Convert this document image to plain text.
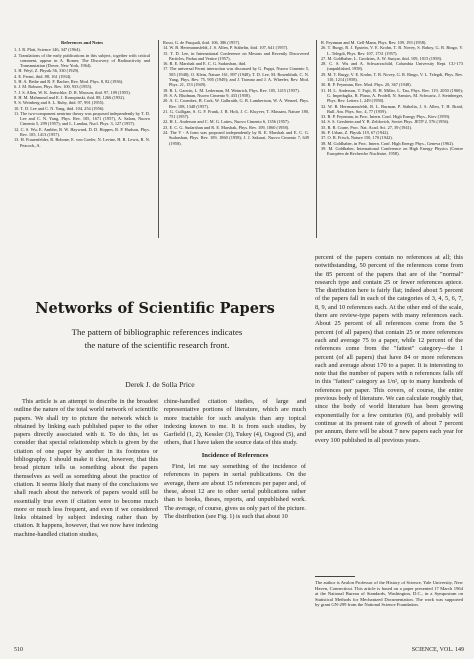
References and Notes

1. J. R. Platt, Science 146, 347 (1964).

2. Translations of the early publications in this subject, together with critical comment, appear in A. Romer, The Discovery of Radioactivity and Transmutation (Dover, New York, 1964).

3. H. Weyl, Z. Physik 56, 330 (1929).

4. E. Fermi, ibid. 88, 161 (1934).

5. H. A. Bethe and R. F. Bacher, Rev. Mod. Phys. 8, 82 (1936).

6. J. M. Robson, Phys. Rev. 100, 933 (1955).

7. J. S. Allen, W. K. Jentschke, D. R. Maxson, ibid. 97, 109 (1955).

8. H. M. Mahmoud and E. J. Konopinski, ibid. 88, 1266 (1952).

9. S. Weinberg and S. L. Ruby, ibid. 97, 991 (1955).

10. T. D. Lee and C. N. Yang, ibid. 104, 254 (1956).

11. The two-component neutrino theory was proposed independently by T. D. Lee and C. N. Yang, Phys. Rev. 105, 1671 (1957), A. Salam, Nuovo Cimento 5, 299 (1957); and L. Landau, Nucl. Phys. 3, 127 (1957).

12. C. S. Wu, E. Ambler, R. W. Hayward, D. D. Hoppes, R. P. Hudson, Phys. Rev. 105, 1413 (1957).

13. H. Frauenfelder, R. Bobone, E. von Goeler, N. Levine, H. R. Lewis, R. N. Peacock, A.

Rossi, G. de Pasquali, ibid. 106, 386 (1957).

14. W. B. Herrmannsfeldt, J. S. Allen, P. Stähelin, ibid. 107, 641 (1957).

15. T. D. Lee, in International Conference on Mesons and Recently Discovered Particles, Padua and Venice (1957).

16. R. E. Marshak and E. C. G. Sudarshan, ibid.

17. The universal Fermi interaction was discussed by G. Puppi, Nuovo Cimento 5, 505 (1948); O. Klein, Nature 161, 897 (1948); T. D. Lee, M. Rosenbluth, C. N. Yang, Phys. Rev. 75, 905 (1949); and J. Tiomno and J. A. Wheeler, Rev. Mod. Phys. 21, 153 (1949).

18. R. L. Garwin, L. M. Lederman, M. Weinrich, Phys. Rev. 105, 1415 (1957).

19. S. A. Bludman, Nuovo Cimento 9, 433 (1958).

20. A. C. Coombes, B. Cork, W. Galbraith, G. R. Lambertson, W. A. Wenzel, Phys. Rev. 108, 1348 (1957).

21. G. Culligan, S. G. F. Frank, J. R. Holt, J. C. Kluyver, T. Massam, Nature 180, 751 (1957).

22. H. L. Anderson and C. M. G. Lattes, Nuovo Cimento 6, 1356 (1957).

23. E. C. G. Sudarshan and R. E. Marshak, Phys. Rev. 109, 1860 (1958).

24. The V - A form was proposed independently by R. E. Marshak and E. C. G. Sudarshan, Phys. Rev. 109, 1860 (1958); J. J. Sakurai, Nuovo Cimento 7, 649 (1958).

R. Feynman and M. Gell-Mann, Phys. Rev. 109, 193 (1958).

26. T. Burgy, R. J. Epstein, V. E. Krohn, T. B. Novey, S. Raboy, G. R. Ringo, V. L. Telegdi, Phys. Rev. 107, 1731 (1957).

27. M. Goldhaber, L. Grodzins, A. W. Sunyar, ibid. 109, 1015 (1958).

28. C. S. Wu and A. Schwarzschild, Columbia University Rept. CU-173 (unpublished, 1958).

29. M. T. Burgy, V. E. Krohn, T. B. Novey, G. R. Ringo, V. L. Telegdi, Phys. Rev. 110, 1214 (1958).

30. R. P. Feynman, Rev. Mod. Phys. 20, 367 (1948).

31. H. L. Anderson, T. Fujii, R. H. Miller, L. Tau, Phys. Rev. 119, 2050 (1960); G. Impeduglia, R. Plano, A. Prodell, N. Samios, M. Schwartz, J. Steinberger, Phys. Rev. Letters 1, 249 (1958).

32. W. B. Herrmannsfeldt, R. L. Burman, P. Stähelin, J. S. Allen, T. H. Braid, Bull. Am. Phys. Soc. 4, 77 (1959).

33. R. P. Feynman, in Proc. Intern. Conf. High Energy Phys., Kiev (1959).

34. S. S. Gershtein and Y. B. Zeldovich, Soviet Phys. JETP 2, 576 (1956).

35. R. R. Crane, Proc. Nat. Acad. Sci. 27, 39 (1941).

36. P. Urban, Z. Physik 119, 67 (1942).

37. O. R. Frisch, Nature 150, 170 (1942).

38. M. Goldhaber, in Proc. Intern. Conf. High Energy Phys., Geneva (1962).

39. M. Goldhaber, International Conference on High Energy Physics (Centre Européen de Recherche Nucléaire, 1958).

Networks of Scientific Papers
The pattern of bibliographic references indicates
the nature of the scientific research front.
Derek J. de Solla Price

This article is an attempt to describe in the broadest outline the nature of the total world network of scientific papers. We shall try to picture the network which is obtained by linking each published paper to the other papers directly associated with it. To do this, let us consider that special relationship which is given by the citation of one paper by another in its footnotes or bibliography. I should make it clear, however, that this broad picture tells us something about the papers themselves as well as something about the practice of citation. It seems likely that many of the conclusions we shall reach about the network of papers would still be essentially true even if citation were to become much more or much less frequent, and even if we considered links obtained by subject indexing rather than by citation. It happens, however, that we now have indexing machine-handled citation studies,

chine-handled citation studies, of large and representative portions of literature, which are much more tractable for such analysis than any topical indexing known to me. It is from such studies, by Garfield (1, 2), Kessler (3), Tukey (4), Osgood (5), and others, that I have taken the source data of this study.

Incidence of References

First, let me say something of the incidence of references in papers in serial publications. On the average, there are about 15 references per paper and, of these, about 12 are to other serial publications rather than to books, theses, reports, and unpublished work. The average, of course, gives us only part of the picture. The distribution (see Fig. 1) is such that about 10

percent of the papers contain no references at all; this notwithstanding, 50 percent of the references come from the 85 percent of the papers that are of the "normal" research type and contain 25 or fewer references apiece. The distribution here is fairly flat; indeed about 5 percent of the papers fall in each of the categories of 3, 4, 5, 6, 7, 8, 9, and 10 references each. At the other end of the scale, there are review-type papers with many references each. About 25 percent of all references come from the 5 percent (of all papers) that contain 25 or more references each and average 75 to a paper, while 12 percent of the references come from the "fattest" category—the 1 percent (of all papers) that have 84 or more references each and average about 170 to a paper. It is interesting to note that the number of papers with n references falls off in this "fattest" category as 1/n², up to many hundreds of references per paper. This covers, of course, the entire previous body of literature. We can calculate roughly that, since the body of world literature has been growing exponentially for a few centuries (6), and probably will continue at its present rate of growth of about 7 percent per annum, there will be about 7 new papers each year for every 100 published in all previous years.

The author is Avalon Professor of the History of Science, Yale University, New Haven, Connecticut. This article is based on a paper presented 17 March 1964 at the National Bureau of Standards, Washington, D.C., in a Symposium on Statistical Methods for Mechanized Documentation. The work was supported by grant GN-299 from the National Science Foundation.
510	SCIENCE, VOL. 149
